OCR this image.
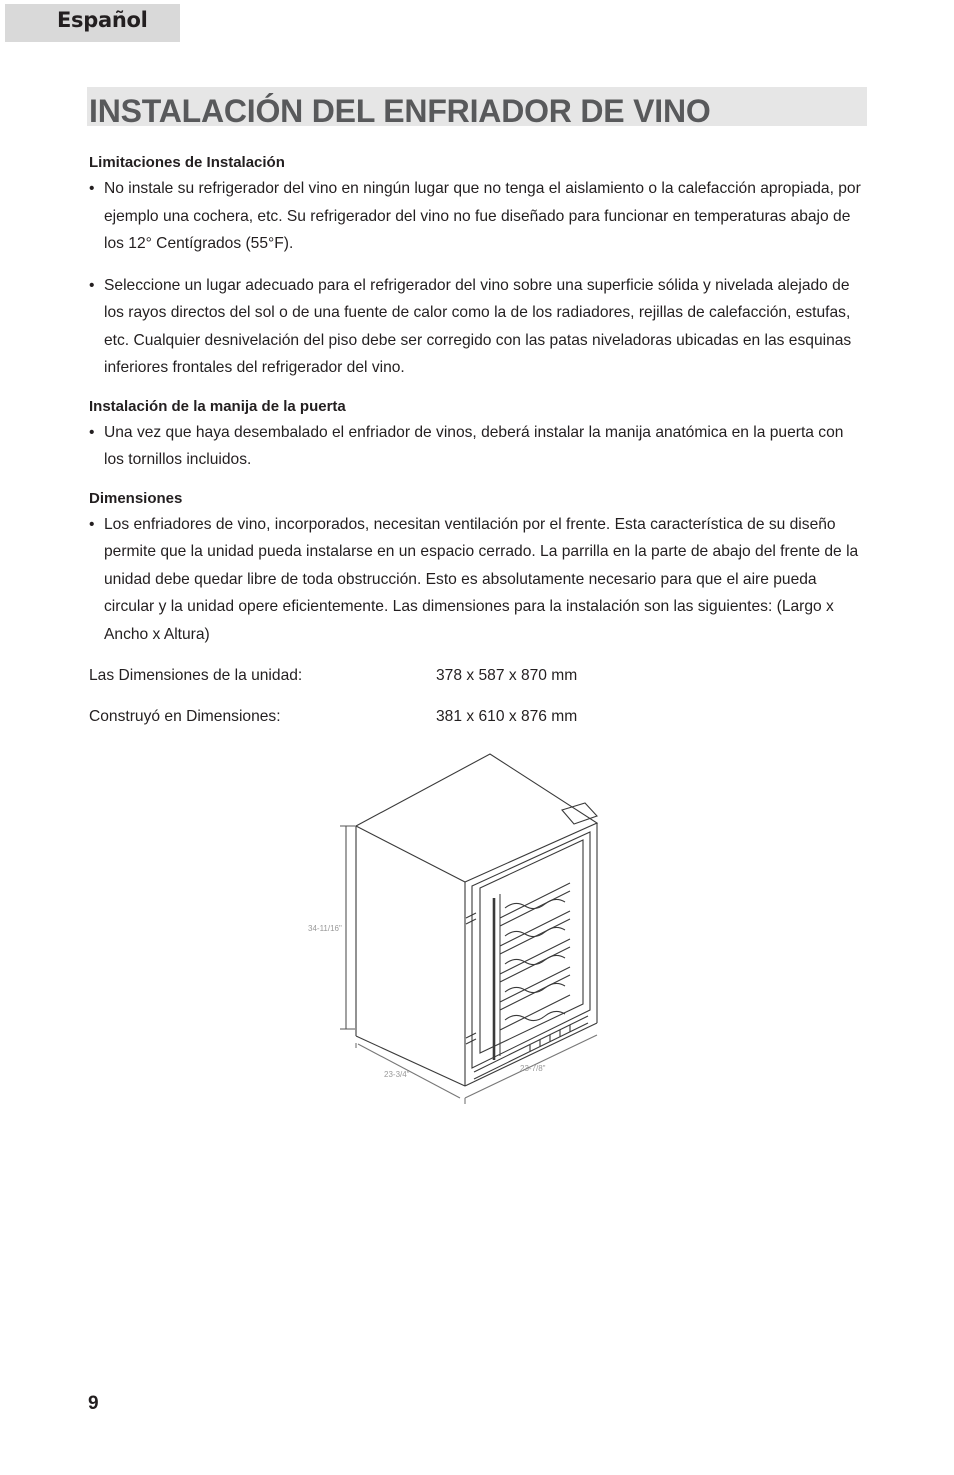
Español
INSTALACIÓN DEL ENFRIADOR DE VINO

Limitaciones de Instalación

• No instale su refrigerador del vino en ningún lugar que no tenga el aislamiento o la calefacción apropiada, por ejemplo una cochera, etc. Su refrigerador del vino no fue diseñado para funcionar en temperaturas abajo de los 12° Centígrados (55°F).

• Seleccione un lugar adecuado para el refrigerador del vino sobre una superficie sólida y nivelada alejado de los rayos directos del sol o de una fuente de calor como la de los radiadores, rejillas de calefacción, estufas, etc. Cualquier desnivelación del piso debe ser corregido con las patas niveladoras ubicadas en las esquinas inferiores frontales del refrigerador del vino.

Instalación de la manija de la puerta

• Una vez que haya desembalado el enfriador de vinos, deberá instalar la manija anatómica en la puerta con los tornillos incluidos.

Dimensiones

• Los enfriadores de vino, incorporados, necesitan ventilación por el frente. Esta característica de su diseño permite que la unidad pueda instalarse en un espacio cerrado. La parrilla en la parte de abajo del frente de la unidad debe quedar libre de toda obstrucción. Esto es absolutamente necesario para que el aire pueda circular y la unidad opere eficientemente. Las dimensiones para la instalación son las siguientes: (Largo x Ancho x Altura)

Las Dimensiones de la unidad:	378 x 587 x 870 mm
Construyó en Dimensiones:	381 x 610 x 876 mm
34-11/16"
23-3/4"
23-7/8"
9
